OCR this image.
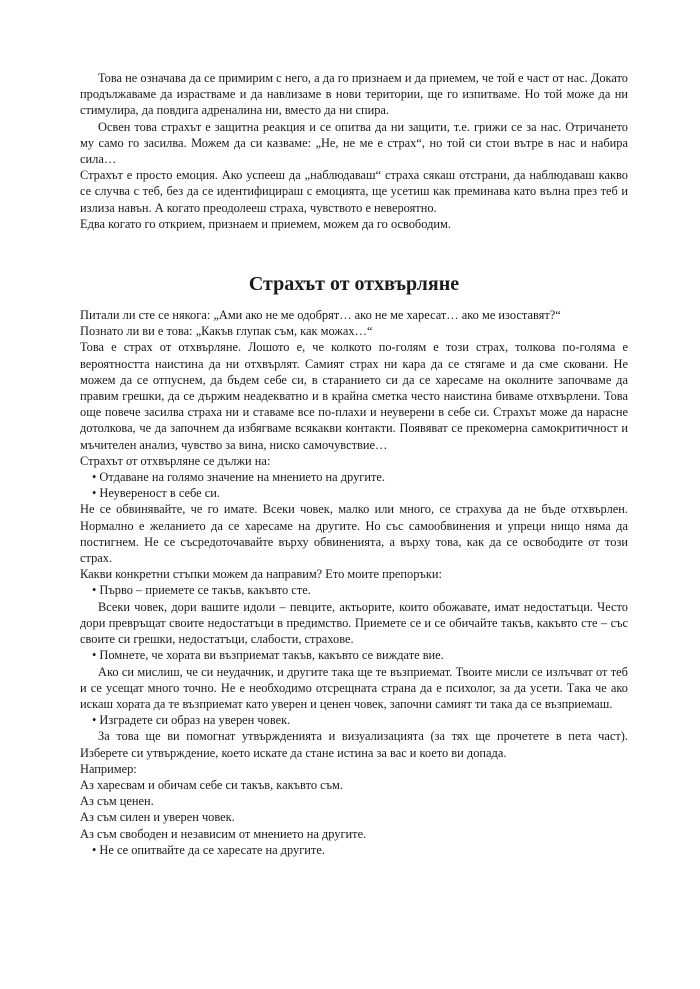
Това не означава да се примирим с него, а да го признаем и да приемем, че той е част от нас. Докато продължаваме да израстваме и да навлизаме в нови територии, ще го изпитваме. Но той може да ни стимулира, да повдига адреналина ни, вместо да ни спира.

Освен това страхът е защитна реакция и се опитва да ни защити, т.е. грижи се за нас. Отричането му само го засилва. Можем да си казваме: „Не, не ме е страх“, но той си стои вътре в нас и набира сила…

Страхът е просто емоция. Ако успееш да „наблюдаваш“ страха сякаш отстрани, да наблюдаваш какво се случва с теб, без да се идентифицираш с емоцията, ще усетиш как преминава като вълна през теб и излиза навън. А когато преодолееш страха, чувството е невероятно.

Едва когато го открием, признаем и приемем, можем да го освободим.

Страхът от отхвърляне

Питали ли сте се някога: „Ами ако не ме одобрят… ако не ме харесат… ако ме изоставят?“

Познато ли ви е това: „Какъв глупак съм, как можах…“

Това е страх от отхвърляне. Лошото е, че колкото по-голям е този страх, толкова по-голяма е вероятността наистина да ни отхвърлят. Самият страх ни кара да се стягаме и да сме сковани. Не можем да се отпуснем, да бъдем себе си, в старанието си да се харесаме на околните започваме да правим грешки, да се държим неадекватно и в крайна сметка често наистина биваме отхвърлени. Това още повече засилва страха ни и ставаме все по-плахи и неуверени в себе си. Страхът може да нарасне дотолкова, че да започнем да избягваме всякакви контакти. Появяват се прекомерна самокритичност и мъчителен анализ, чувство за вина, ниско самочувствие…

Страхът от отхвърляне се дължи на:

• Отдаване на голямо значение на мнението на другите.

• Неувереност в себе си.

Не се обвинявайте, че го имате. Всеки човек, малко или много, се страхува да не бъде отхвърлен. Нормално е желанието да се харесаме на другите. Но със самообвинения и упреци нищо няма да постигнем. Не се съсредоточавайте върху обвиненията, а върху това, как да се освободите от този страх.

Какви конкретни стъпки можем да направим? Ето моите препоръки:

• Първо – приемете се такъв, какъвто сте.

Всеки човек, дори вашите идоли – певците, актьорите, които обожавате, имат недостатъци. Често дори превръщат своите недостатъци в предимство. Приемете се и се обичайте такъв, какъвто сте – със своите си грешки, недостатъци, слабости, страхове.

• Помнете, че хората ви възприемат такъв, какъвто се виждате вие.

Ако си мислиш, че си неудачник, и другите така ще те възприемат. Твоите мисли се излъчват от теб и се усещат много точно. Не е необходимо отсрещната страна да е психолог, за да усети. Така че ако искаш хората да те възприемат като уверен и ценен човек, започни самият ти така да се възприемаш.

• Изградете си образ на уверен човек.

За това ще ви помогнат утвържденията и визуализацията (за тях ще прочетете в пета част). Изберете си утвърждение, което искате да стане истина за вас и което ви допада.

Например:

Аз харесвам и обичам себе си такъв, какъвто съм.

Аз съм ценен.

Аз съм силен и уверен човек.

Аз съм свободен и независим от мнението на другите.

• Не се опитвайте да се харесате на другите.
